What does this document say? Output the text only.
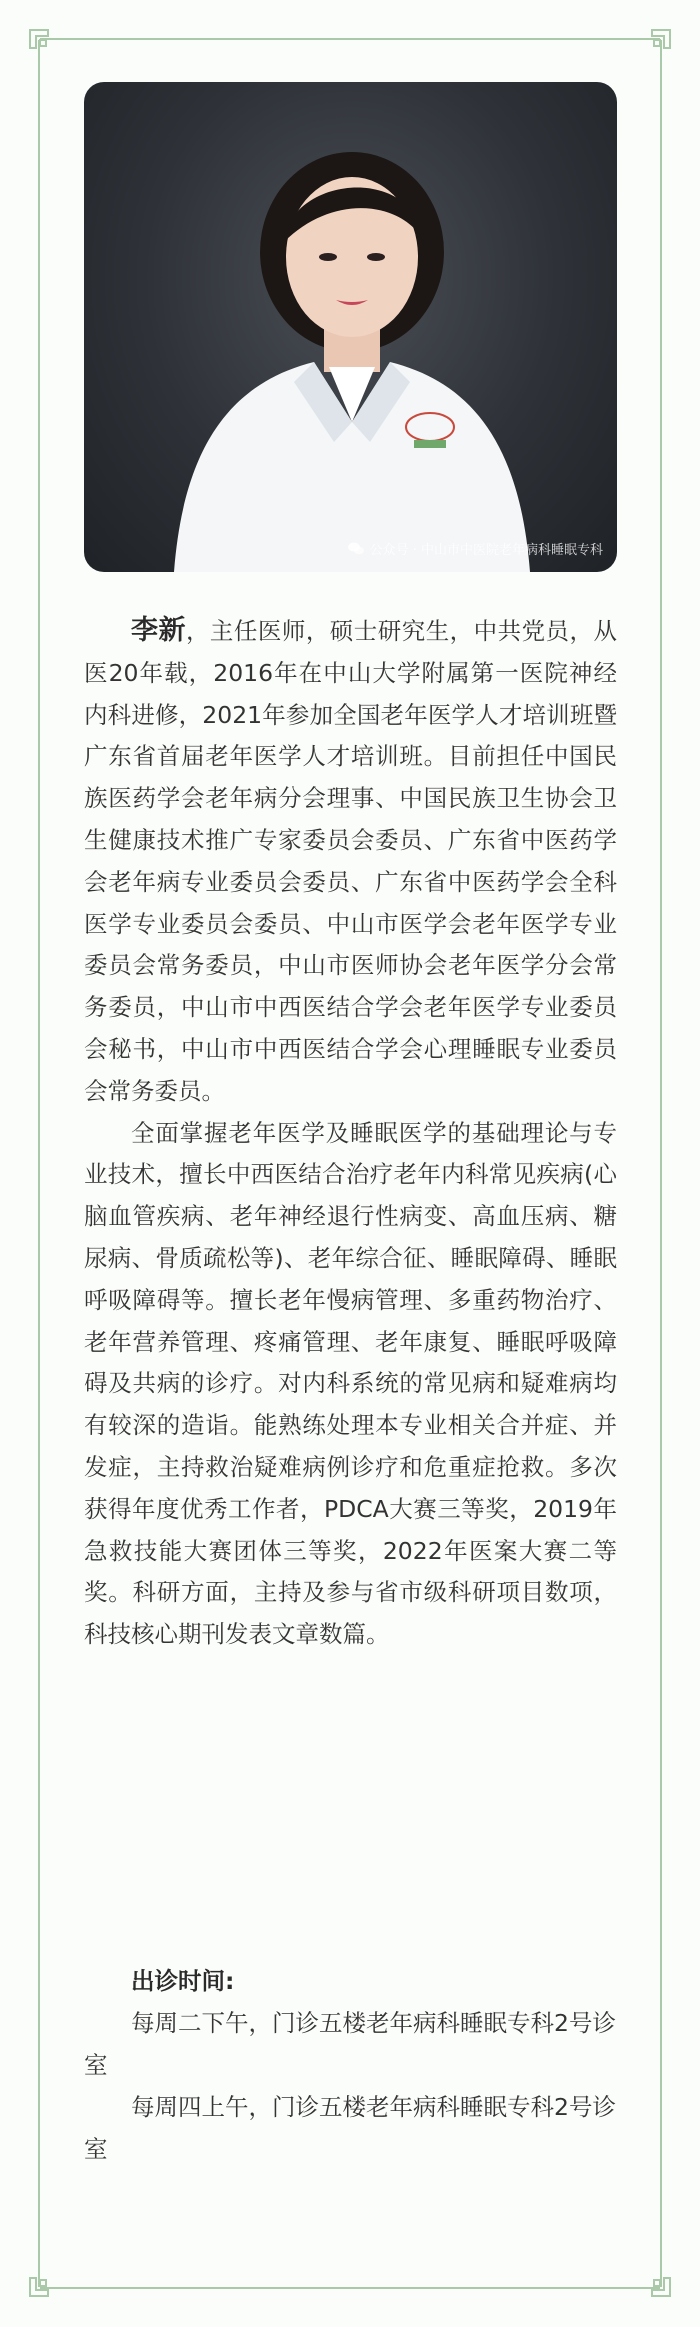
公众号 · 中山市中医院老年病科睡眠专科

李新，主任医师，硕士研究生，中共党员，从医20年载，2016年在中山大学附属第一医院神经内科进修，2021年参加全国老年医学人才培训班暨广东省首届老年医学人才培训班。目前担任中国民族医药学会老年病分会理事、中国民族卫生协会卫生健康技术推广专家委员会委员、广东省中医药学会老年病专业委员会委员、广东省中医药学会全科医学专业委员会委员、中山市医学会老年医学专业委员会常务委员，中山市医师协会老年医学分会常务委员，中山市中西医结合学会老年医学专业委员会秘书，中山市中西医结合学会心理睡眠专业委员会常务委员。

全面掌握老年医学及睡眠医学的基础理论与专业技术，擅长中西医结合治疗老年内科常见疾病(心脑血管疾病、老年神经退行性病变、高血压病、糖尿病、骨质疏松等)、老年综合征、睡眠障碍、睡眠呼吸障碍等。擅长老年慢病管理、多重药物治疗、老年营养管理、疼痛管理、老年康复、睡眠呼吸障碍及共病的诊疗。对内科系统的常见病和疑难病均有较深的造诣。能熟练处理本专业相关合并症、并发症，主持救治疑难病例诊疗和危重症抢救。多次获得年度优秀工作者，PDCA大赛三等奖，2019年急救技能大赛团体三等奖，2022年医案大赛二等奖。科研方面，主持及参与省市级科研项目数项，科技核心期刊发表文章数篇。

出诊时间:

每周二下午，门诊五楼老年病科睡眠专科2号诊室

每周四上午，门诊五楼老年病科睡眠专科2号诊室
